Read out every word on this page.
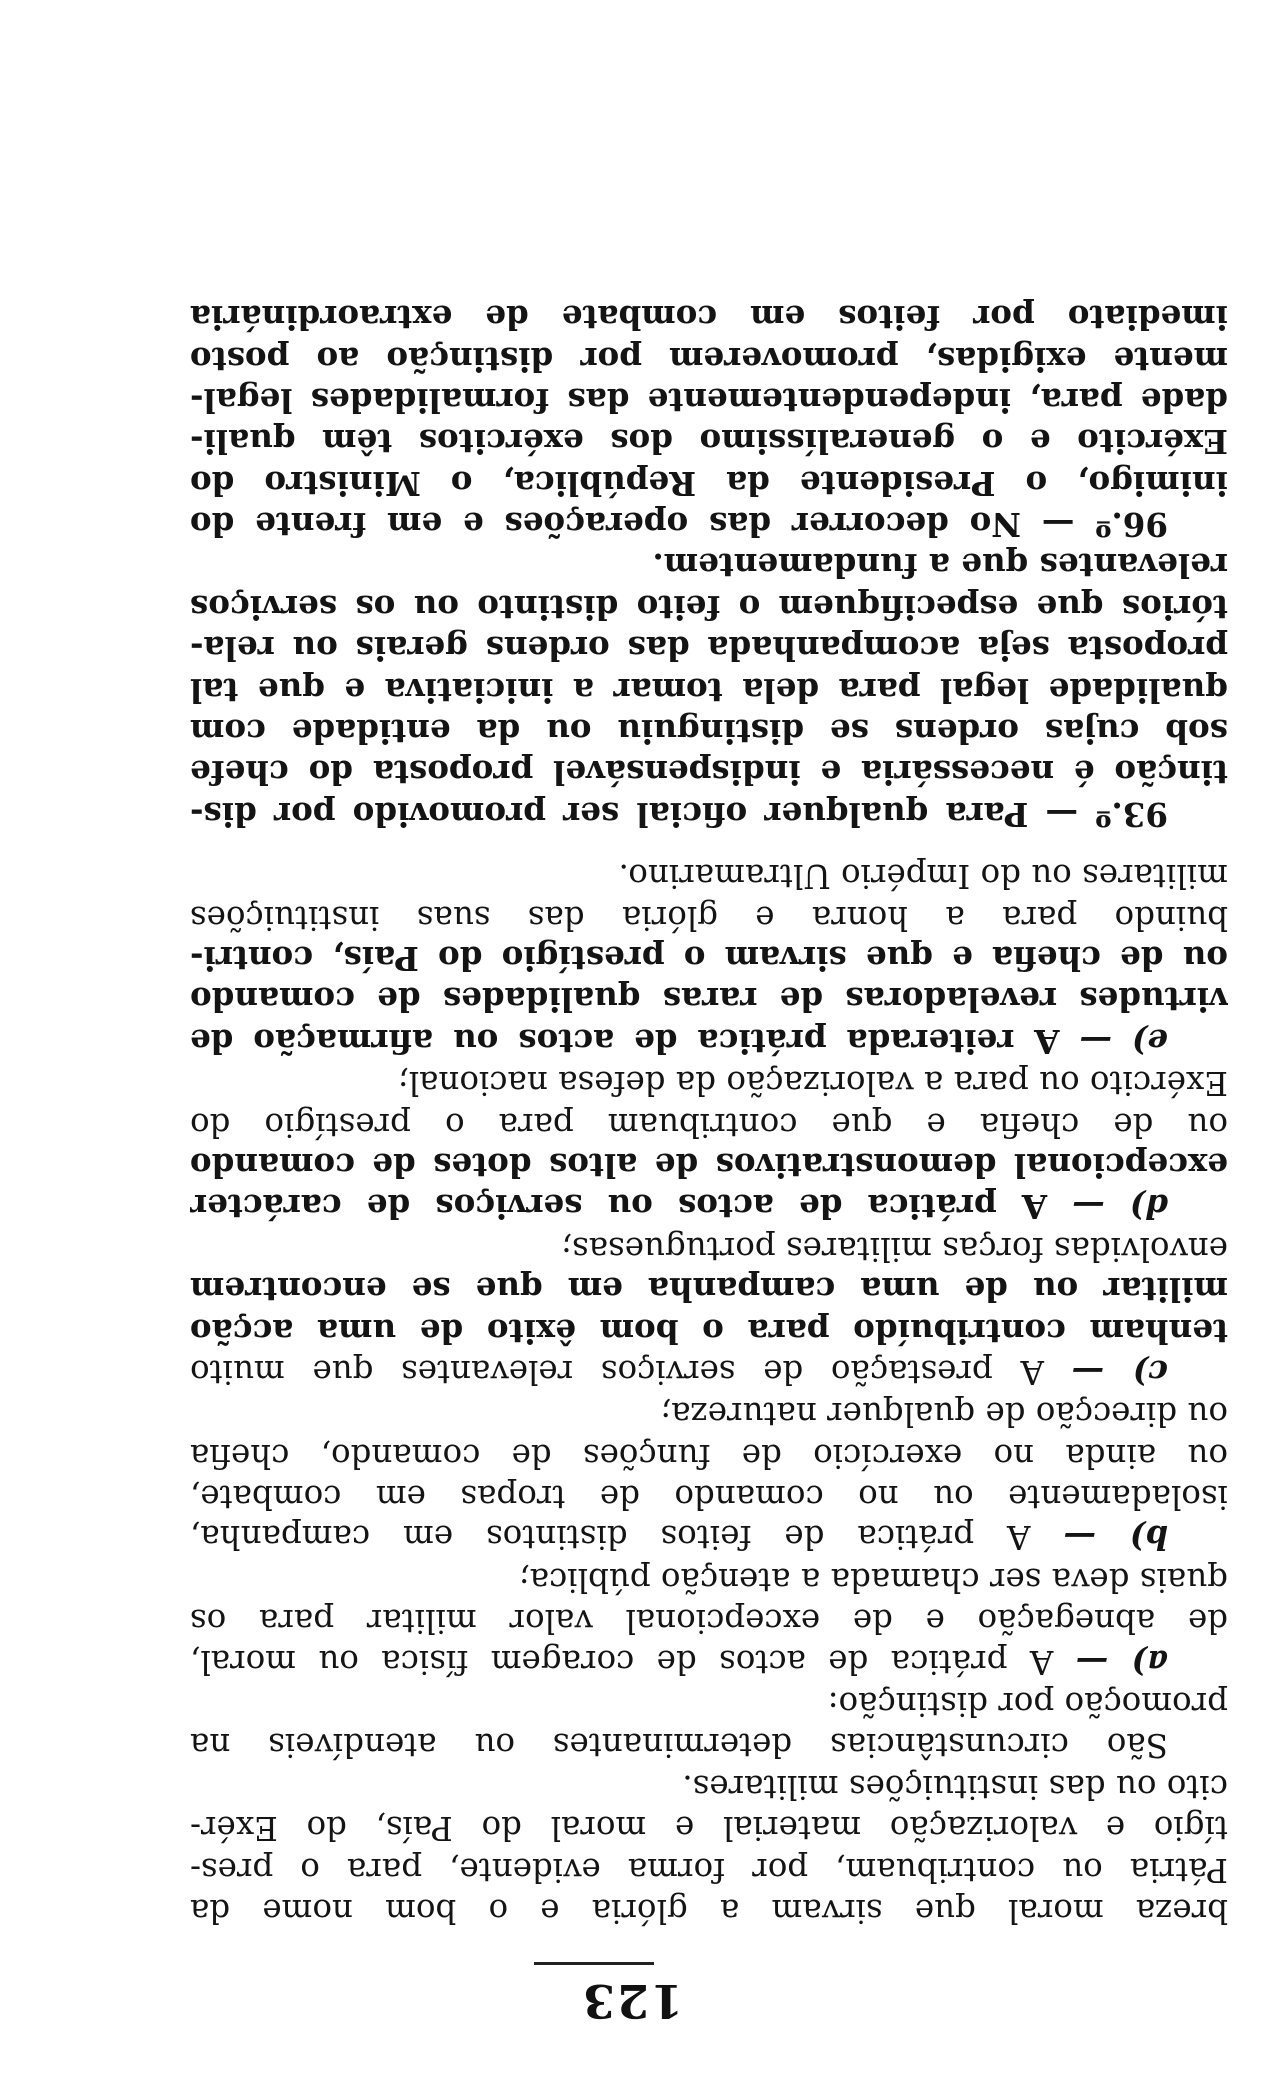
123
breza moral que sirvam a glória e o bom nome da
Pátria ou contribuam, por forma evidente, para o pres-
tígio e valorização material e moral do País, do Exér-
cito ou das instituições militares.
São circunstâncias determinantes ou atendíveis na
promoção por distinção:
a) — A prática de actos de coragem física ou moral,
de abnegação e de excepcional valor militar para os
quais deva ser chamada a atenção pública;
b) — A prática de feitos distintos em campanha,
isoladamente ou no comando de tropas em combate,
ou ainda no exercício de funções de comando, chefia
ou direcção de qualquer natureza;
c) — A prestação de serviços relevantes que muito
tenham contribuído para o bom êxito de uma acção
militar ou de uma campanha em que se encontrem
envolvidas forças militares portuguesas;
d) — A prática de actos ou serviços de carácter
excepcional demonstrativos de altos dotes de comando
ou de chefia e que contribuam para o prestígio do
Exército ou para a valorização da defesa nacional;
e) — A reiterada prática de actos ou afirmação de
virtudes reveladoras de raras qualidades de comando
ou de chefia e que sirvam o prestígio do País, contri-
buindo para a honra e glória das suas instituições
militares ou do Império Ultramarino.
93.º — Para qualquer oficial ser promovido por dis-
tinção é necessária e indispensável proposta do chefe
sob cujas ordens se distinguiu ou da entidade com
qualidade legal para dela tomar a iniciativa e que tal
proposta seja acompanhada das ordens gerais ou rela-
tórios que especifiquem o feito distinto ou os serviços
relevantes que a fundamentem.
96.º — No decorrer das operações e em frente do
inimigo, o Presidente da República, o Ministro do
Exército e o generalíssimo dos exércitos têm quali-
dade para, independentemente das formalidades legal-
mente exigidas, promoverem por distinção ao posto
imediato por feitos em combate de extraordinária
